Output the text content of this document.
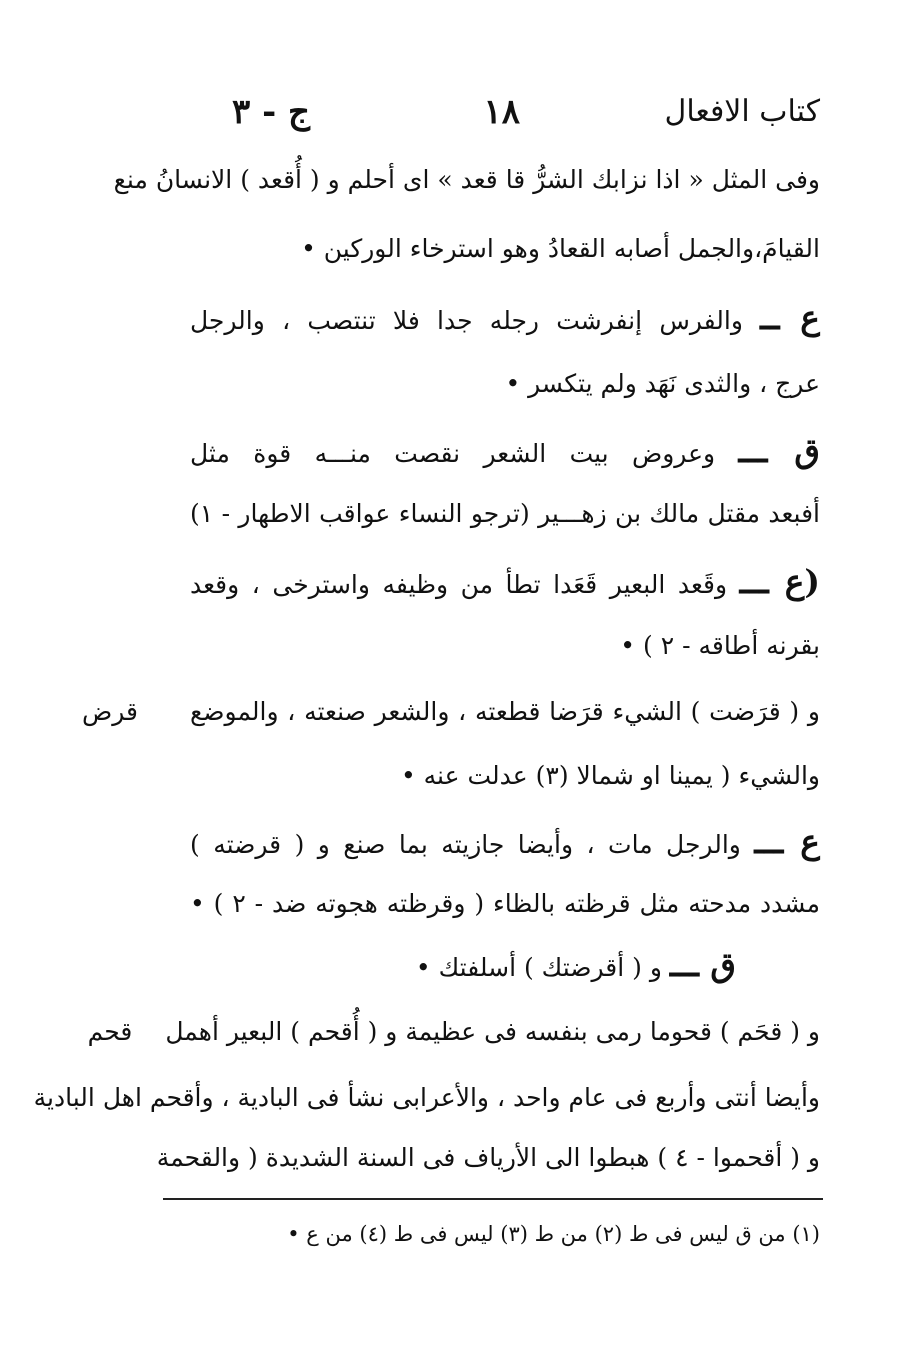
كتاب الافعال
١٨
ج - ٣
وفى المثل « اذا نزابك الشرُّ قا قعد » اى أحلم و ( أُقعد ) الانسانُ منع
القيامَ،والجمل أصابه القعادُ وهو استرخاء الوركين •
ع ــ والفرس إنفرشت رجله جدا فلا تنتصب ، والرجل
عرج ، والثدى نَهَد ولم يتكسر •
ق ـــ وعروض بيت الشعر نقصت منـــه قوة مثل
أفبعد مقتل مالك بن زهـــير (ترجو النساء عواقب الاطهار - ١)
(ع ـــ وقَعد البعير قَعَدا تطأ من وظيفه واسترخى ، وقعد
بقرنه أطاقه - ٢ ) •
و ( قرَضت ) الشيء قرَضا قطعته ، والشعر صنعته ، والموضع
قرض
والشيء ( يمينا او شمالا (٣) عدلت عنه •
ع ـــ والرجل مات ، وأيضا جازيته بما صنع و ( قرضته )
مشدد مدحته مثل قرظته بالظاء ( وقرظته هجوته ضد - ٢ ) •
ق ـــ و ( أقرضتك ) أسلفتك •
و ( قحَم ) قحوما رمى بنفسه فى عظيمة و ( أُقحم ) البعير أهمل
قحم
وأيضا أنتى وأربع فى عام واحد ، والأعرابى نشأ فى البادية ، وأقحم اهل البادية
و ( أقحموا - ٤ ) هبطوا الى الأرياف فى السنة الشديدة ( والقحمة
(١) من ق ليس فى ط (٢) من ط (٣) ليس فى ط (٤) من ع •
